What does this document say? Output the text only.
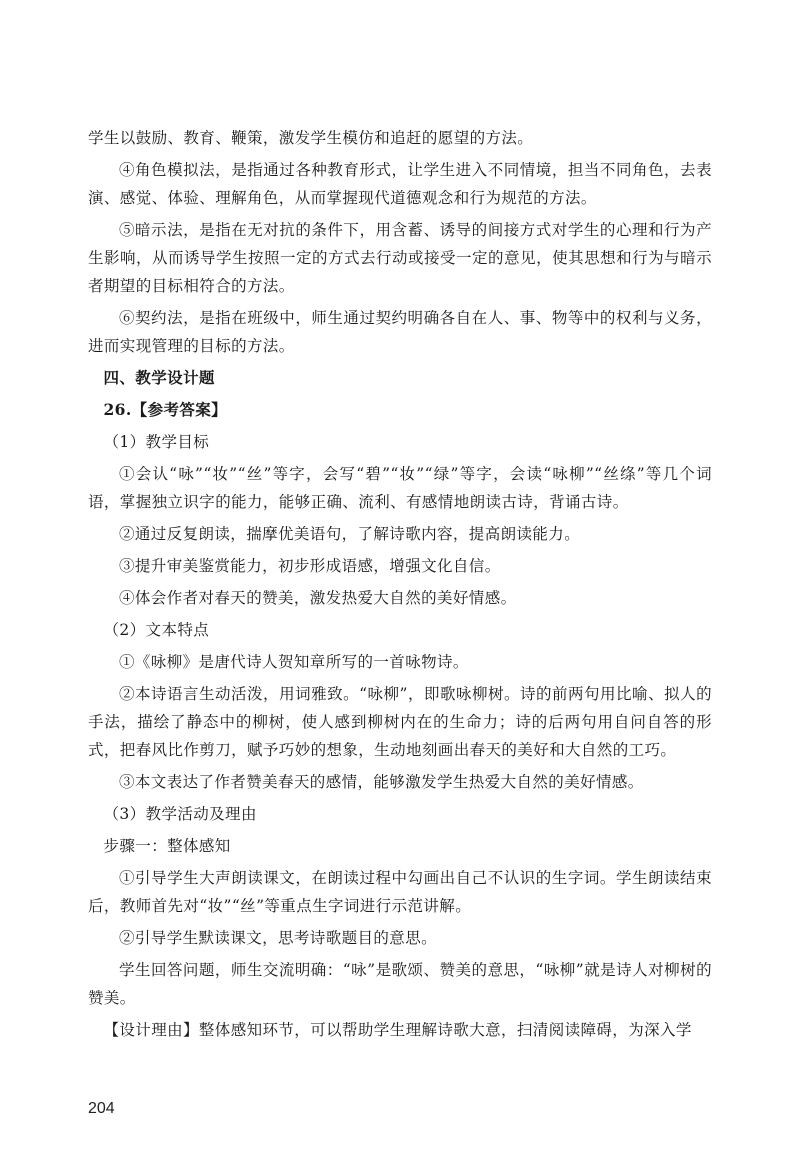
学生以鼓励、教育、鞭策，激发学生模仿和追赶的愿望的方法。

④角色模拟法，是指通过各种教育形式，让学生进入不同情境，担当不同角色，去表演、感觉、体验、理解角色，从而掌握现代道德观念和行为规范的方法。

⑤暗示法，是指在无对抗的条件下，用含蓄、诱导的间接方式对学生的心理和行为产生影响，从而诱导学生按照一定的方式去行动或接受一定的意见，使其思想和行为与暗示者期望的目标相符合的方法。

⑥契约法，是指在班级中，师生通过契约明确各自在人、事、物等中的权利与义务，进而实现管理的目标的方法。

四、教学设计题

26.【参考答案】

（1）教学目标

①会认“咏”“妆”“丝”等字，会写“碧”“妆”“绿”等字，会读“咏柳”“丝绦”等几个词语，掌握独立识字的能力，能够正确、流利、有感情地朗读古诗，背诵古诗。

②通过反复朗读，揣摩优美语句，了解诗歌内容，提高朗读能力。

③提升审美鉴赏能力，初步形成语感，增强文化自信。

④体会作者对春天的赞美，激发热爱大自然的美好情感。

（2）文本特点

①《咏柳》是唐代诗人贺知章所写的一首咏物诗。

②本诗语言生动活泼，用词雅致。“咏柳”，即歌咏柳树。诗的前两句用比喻、拟人的手法，描绘了静态中的柳树，使人感到柳树内在的生命力；诗的后两句用自问自答的形式，把春风比作剪刀，赋予巧妙的想象，生动地刻画出春天的美好和大自然的工巧。

③本文表达了作者赞美春天的感情，能够激发学生热爱大自然的美好情感。

（3）教学活动及理由

步骤一：整体感知

①引导学生大声朗读课文，在朗读过程中勾画出自己不认识的生字词。学生朗读结束后，教师首先对“妆”“丝”等重点生字词进行示范讲解。

②引导学生默读课文，思考诗歌题目的意思。

学生回答问题，师生交流明确：“咏”是歌颂、赞美的意思，“咏柳”就是诗人对柳树的赞美。

【设计理由】整体感知环节，可以帮助学生理解诗歌大意，扫清阅读障碍，为深入学

204
